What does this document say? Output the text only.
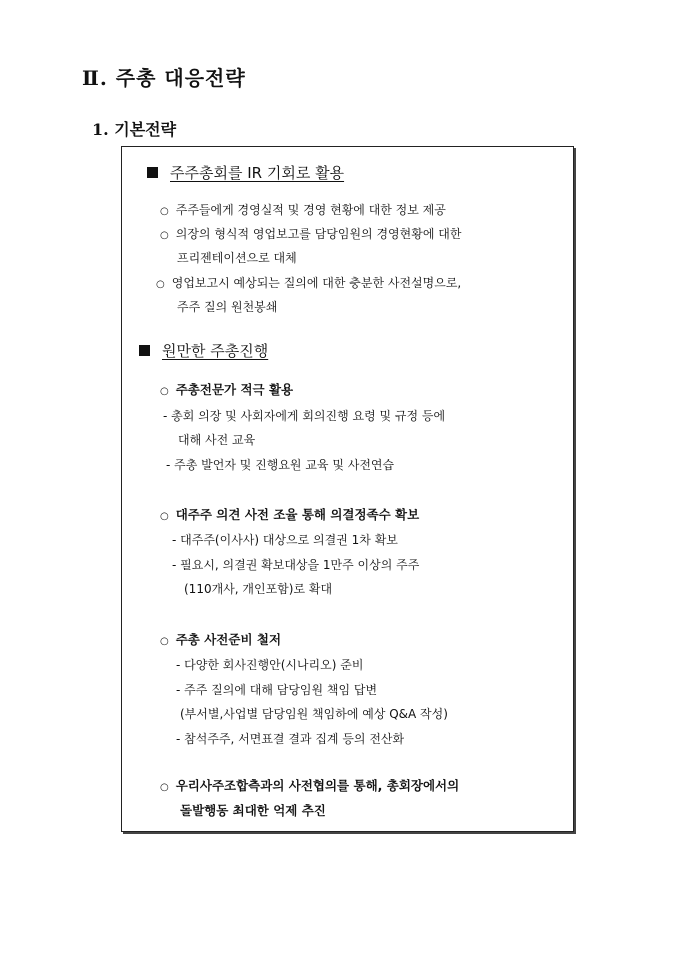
Ⅱ. 주총 대응전략
1. 기본전략
주주총회를 IR 기회로 활용
○ 주주들에게 경영실적 및 경영 현황에 대한 정보 제공
○ 의장의 형식적 영업보고를 담당임원의 경영현황에 대한
프리젠테이션으로 대체
○ 영업보고시 예상되는 질의에 대한 충분한 사전설명으로,
주주 질의 원천봉쇄
원만한 주총진행
○ 주총전문가 적극 활용
- 총회 의장 및 사회자에게 회의진행 요령 및 규정 등에
대해 사전 교육
- 주총 발언자 및 진행요원 교육 및 사전연습
○ 대주주 의견 사전 조율 통해 의결정족수 확보
- 대주주(이사사) 대상으로 의결권 1차 확보
- 필요시, 의결권 확보대상을 1만주 이상의 주주
(110개사, 개인포함)로 확대
○ 주총 사전준비 철저
- 다양한 회사진행안(시나리오) 준비
- 주주 질의에 대해 담당임원 책임 답변
(부서별,사업별 담당임원 책임하에 예상 Q&A 작성)
- 참석주주, 서면표결 결과 집계 등의 전산화
○ 우리사주조합측과의 사전협의를 통해, 총회장에서의
돌발행동 최대한 억제 추진
